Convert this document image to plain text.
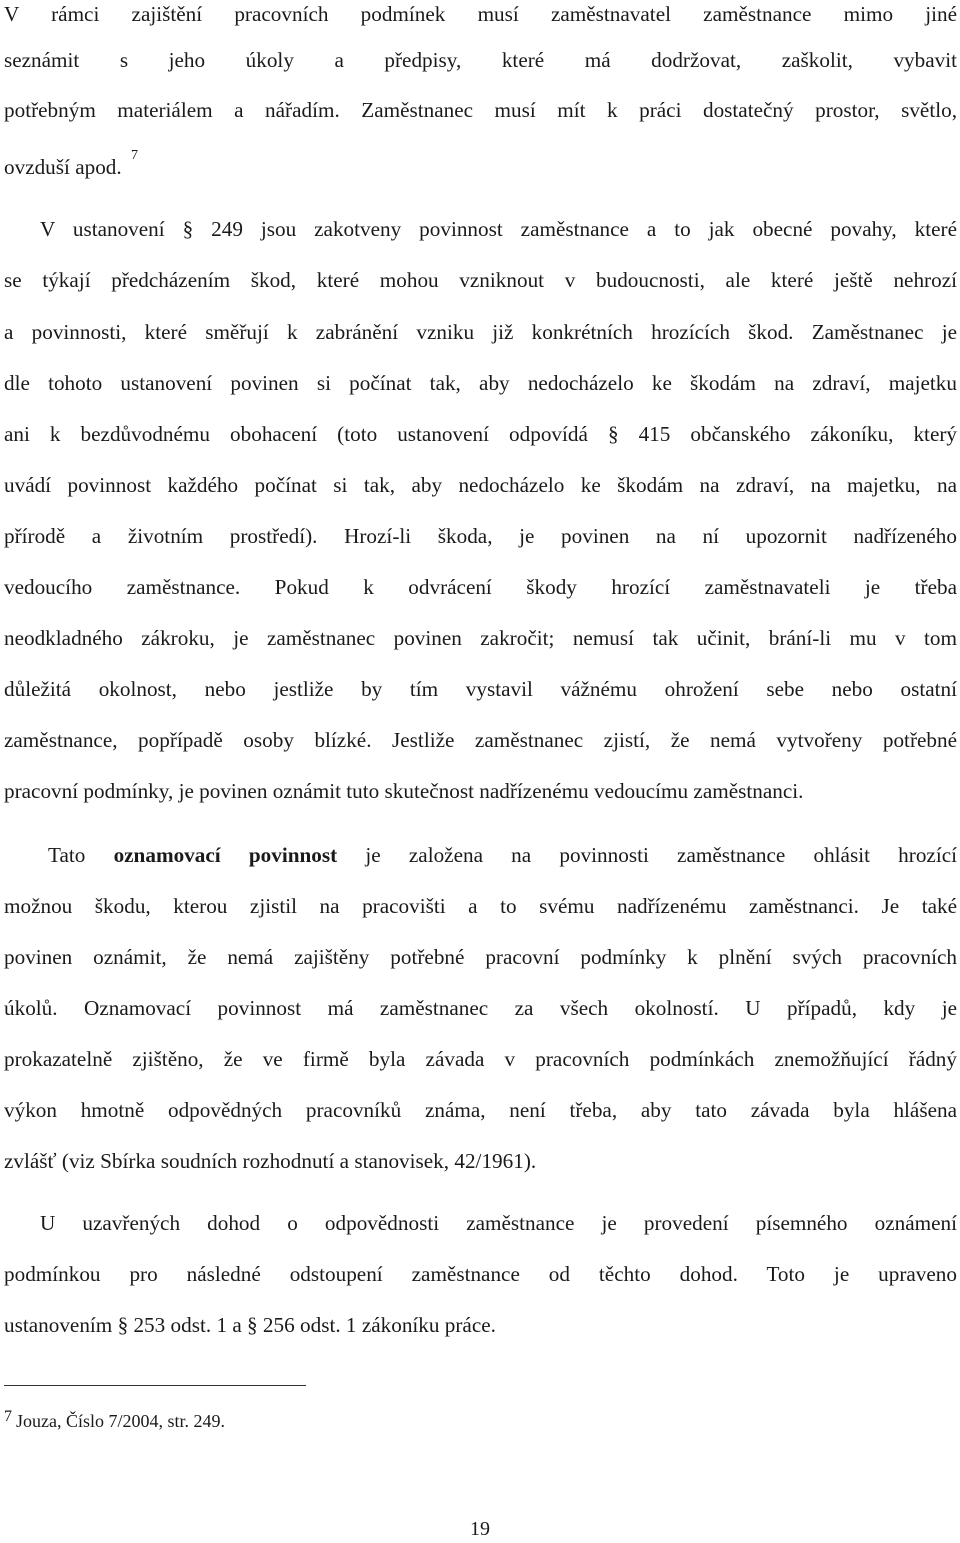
V rámci zajištění pracovních podmínek musí zaměstnavatel zaměstnance mimo jiné
seznámit s jeho úkoly a předpisy, které má dodržovat, zaškolit, vybavit
potřebným materiálem a nářadím. Zaměstnanec musí mít k práci dostatečný prostor, světlo,
ovzduší apod. 7
V ustanovení § 249 jsou zakotveny povinnost zaměstnance a to jak obecné povahy, které
se týkají předcházením škod, které mohou vzniknout v budoucnosti, ale které ještě nehrozí
a povinnosti, které směřují k zabránění vzniku již konkrétních hrozících škod. Zaměstnanec je
dle tohoto ustanovení povinen si počínat tak, aby nedocházelo ke škodám na zdraví, majetku
ani k bezdůvodnému obohacení (toto ustanovení odpovídá § 415 občanského zákoníku, který
uvádí povinnost každého počínat si tak, aby nedocházelo ke škodám na zdraví, na majetku, na
přírodě a životním prostředí). Hrozí-li škoda, je povinen na ní upozornit nadřízeného
vedoucího zaměstnance. Pokud k odvrácení škody hrozící zaměstnavateli je třeba
neodkladného zákroku, je zaměstnanec povinen zakročit; nemusí tak učinit, brání-li mu v tom
důležitá okolnost, nebo jestliže by tím vystavil vážnému ohrožení sebe nebo ostatní
zaměstnance, popřípadě osoby blízké. Jestliže zaměstnanec zjistí, že nemá vytvořeny potřebné
pracovní podmínky, je povinen oznámit tuto skutečnost nadřízenému vedoucímu zaměstnanci.
Tato oznamovací povinnost je založena na povinnosti zaměstnance ohlásit hrozící
možnou škodu, kterou zjistil na pracovišti a to svému nadřízenému zaměstnanci. Je také
povinen oznámit, že nemá zajištěny potřebné pracovní podmínky k plnění svých pracovních
úkolů. Oznamovací povinnost má zaměstnanec za všech okolností. U případů, kdy je
prokazatelně zjištěno, že ve firmě byla závada v pracovních podmínkách znemožňující řádný
výkon hmotně odpovědných pracovníků známa, není třeba, aby tato závada byla hlášena
zvlášť (viz Sbírka soudních rozhodnutí a stanovisek, 42/1961).
U uzavřených dohod o odpovědnosti zaměstnance je provedení písemného oznámení
podmínkou pro následné odstoupení zaměstnance od těchto dohod. Toto je upraveno
ustanovením § 253 odst. 1 a § 256 odst. 1 zákoníku práce.
7 Jouza, Číslo 7/2004, str. 249.
19
